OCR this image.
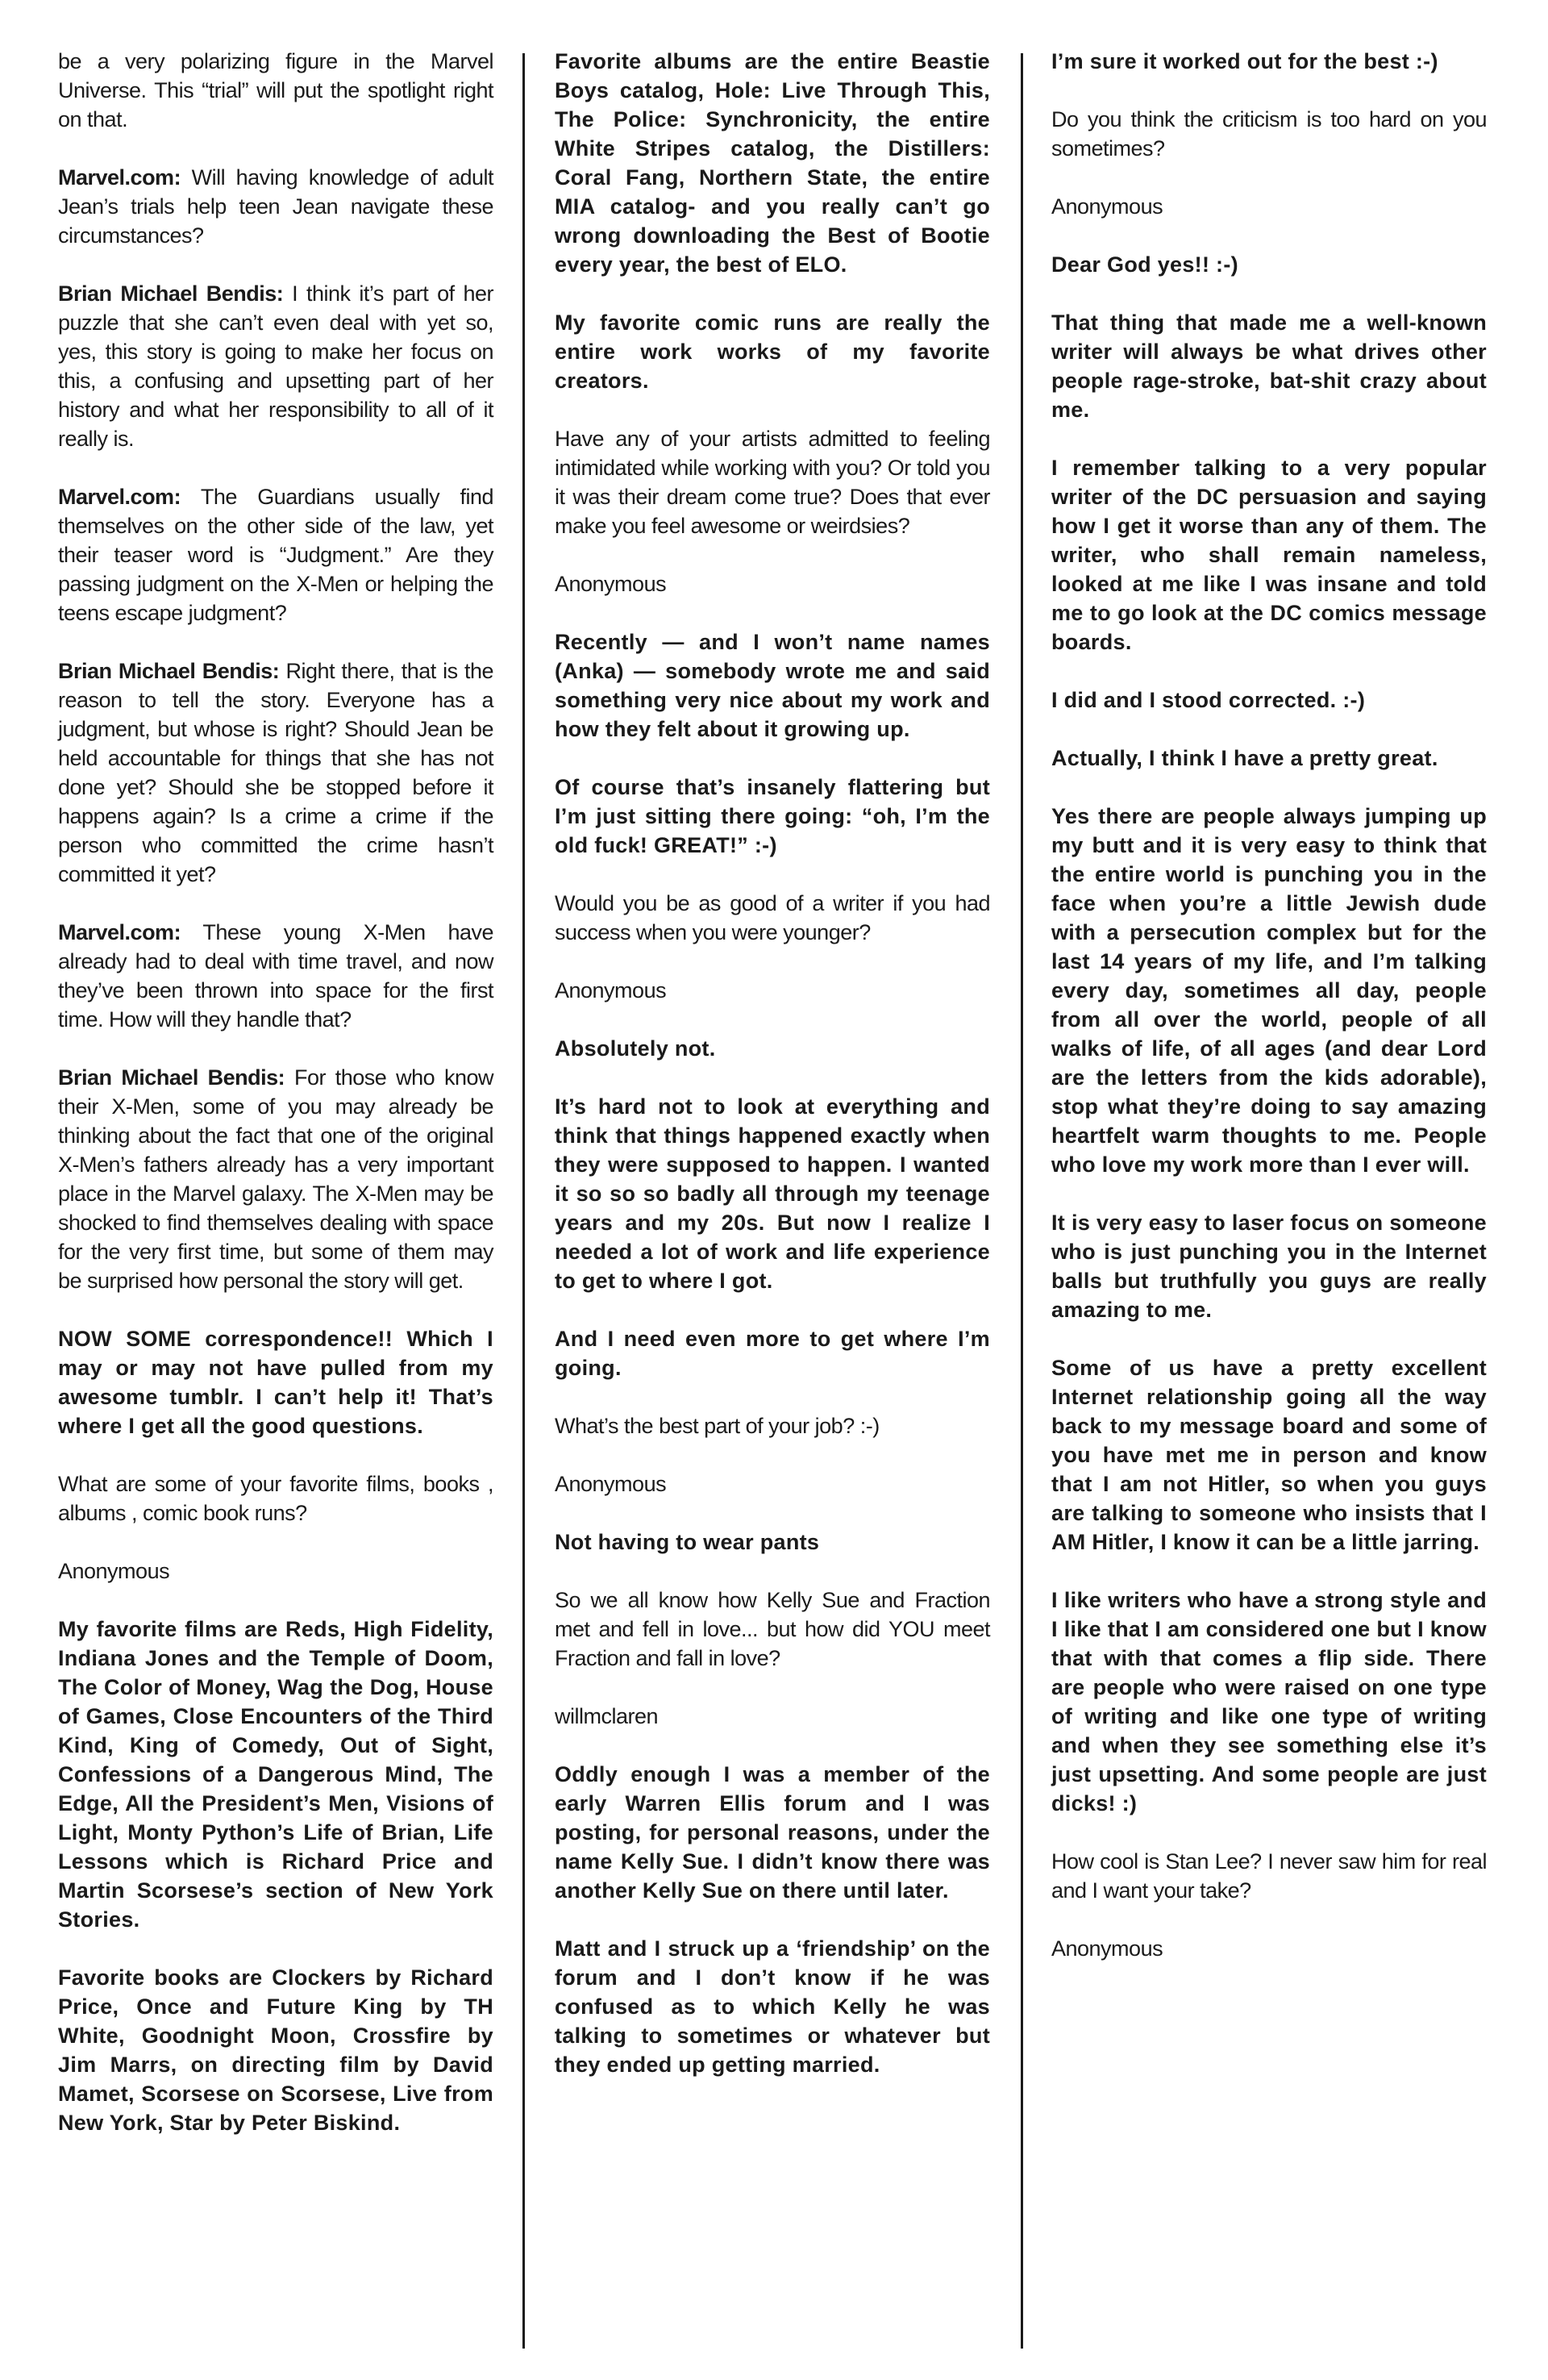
be a very polarizing figure in the Marvel Universe. This “trial” will put the spotlight right on that.

Marvel.com: Will having knowledge of adult Jean’s trials help teen Jean navigate these circumstances?

Brian Michael Bendis: I think it’s part of her puzzle that she can’t even deal with yet so, yes, this story is going to make her focus on this, a confusing and upsetting part of her history and what her responsibility to all of it really is.

Marvel.com: The Guardians usually find themselves on the other side of the law, yet their teaser word is “Judgment.” Are they passing judgment on the X-Men or helping the teens escape judgment?

Brian Michael Bendis: Right there, that is the reason to tell the story. Everyone has a judgment, but whose is right? Should Jean be held accountable for things that she has not done yet? Should she be stopped before it happens again? Is a crime a crime if the person who committed the crime hasn’t committed it yet?

Marvel.com: These young X-Men have already had to deal with time travel, and now they’ve been thrown into space for the first time. How will they handle that?

Brian Michael Bendis: For those who know their X-Men, some of you may already be thinking about the fact that one of the original X-Men’s fathers already has a very important place in the Marvel galaxy. The X-Men may be shocked to find themselves dealing with space for the very first time, but some of them may be surprised how personal the story will get.

NOW SOME correspondence!! Which I may or may not have pulled from my awesome tumblr. I can’t help it! That’s where I get all the good questions.

What are some of your favorite films, books , albums , comic book runs?

Anonymous

My favorite films are Reds, High Fidelity, Indiana Jones and the Temple of Doom, The Color of Money, Wag the Dog, House of Games, Close Encounters of the Third Kind, King of Comedy, Out of Sight, Confessions of a Dangerous Mind, The Edge, All the President’s Men, Visions of Light, Monty Python’s Life of Brian, Life Lessons which is Richard Price and Martin Scorsese’s section of New York Stories.

Favorite books are Clockers by Richard Price, Once and Future King by TH White, Goodnight Moon, Crossfire by Jim Marrs, on directing film by David Mamet, Scorsese on Scorsese, Live from New York, Star by Peter Biskind.

Favorite albums are the entire Beastie Boys catalog, Hole: Live Through This, The Police: Synchronicity, the entire White Stripes catalog, the Distillers: Coral Fang, Northern State, the entire MIA catalog- and you really can’t go wrong downloading the Best of Bootie every year, the best of ELO.

My favorite comic runs are really the entire work works of my favorite creators.

Have any of your artists admitted to feeling intimidated while working with you? Or told you it was their dream come true? Does that ever make you feel awesome or weirdsies?

Anonymous

Recently — and I won’t name names (Anka) — somebody wrote me and said something very nice about my work and how they felt about it growing up.

Of course that’s insanely flattering but I’m just sitting there going: “oh, I’m the old fuck! GREAT!” :-)

Would you be as good of a writer if you had success when you were younger?

Anonymous

Absolutely not.

It’s hard not to look at everything and think that things happened exactly when they were supposed to happen. I wanted it so so so badly all through my teenage years and my 20s. But now I realize I needed a lot of work and life experience to get to where I got.

And I need even more to get where I’m going.

What’s the best part of your job? :-)

Anonymous

Not having to wear pants

So we all know how Kelly Sue and Fraction met and fell in love... but how did YOU meet Fraction and fall in love?

willmclaren

Oddly enough I was a member of the early Warren Ellis forum and I was posting, for personal reasons, under the name Kelly Sue. I didn’t know there was another Kelly Sue on there until later.

Matt and I struck up a ‘friendship’ on the forum and I don’t know if he was confused as to which Kelly he was talking to sometimes or whatever but they ended up getting married.

I’m sure it worked out for the best :-)

Do you think the criticism is too hard on you sometimes?

Anonymous

Dear God yes!! :-)

That thing that made me a well-known writer will always be what drives other people rage-stroke, bat-shit crazy about me.

I remember talking to a very popular writer of the DC persuasion and saying how I get it worse than any of them. The writer, who shall remain nameless, looked at me like I was insane and told me to go look at the DC comics message boards.

I did and I stood corrected. :-)

Actually, I think I have a pretty great.

Yes there are people always jumping up my butt and it is very easy to think that the entire world is punching you in the face when you’re a little Jewish dude with a persecution complex but for the last 14 years of my life, and I’m talking every day, sometimes all day, people from all over the world, people of all walks of life, of all ages (and dear Lord are the letters from the kids adorable), stop what they’re doing to say amazing heartfelt warm thoughts to me. People who love my work more than I ever will.

It is very easy to laser focus on someone who is just punching you in the Internet balls but truthfully you guys are really amazing to me.

Some of us have a pretty excellent Internet relationship going all the way back to my message board and some of you have met me in person and know that I am not Hitler, so when you guys are talking to someone who insists that I AM Hitler, I know it can be a little jarring.

I like writers who have a strong style and I like that I am considered one but I know that with that comes a flip side. There are people who were raised on one type of writing and like one type of writing and when they see something else it’s just upsetting. And some people are just dicks! :)

How cool is Stan Lee? I never saw him for real and I want your take?

Anonymous
